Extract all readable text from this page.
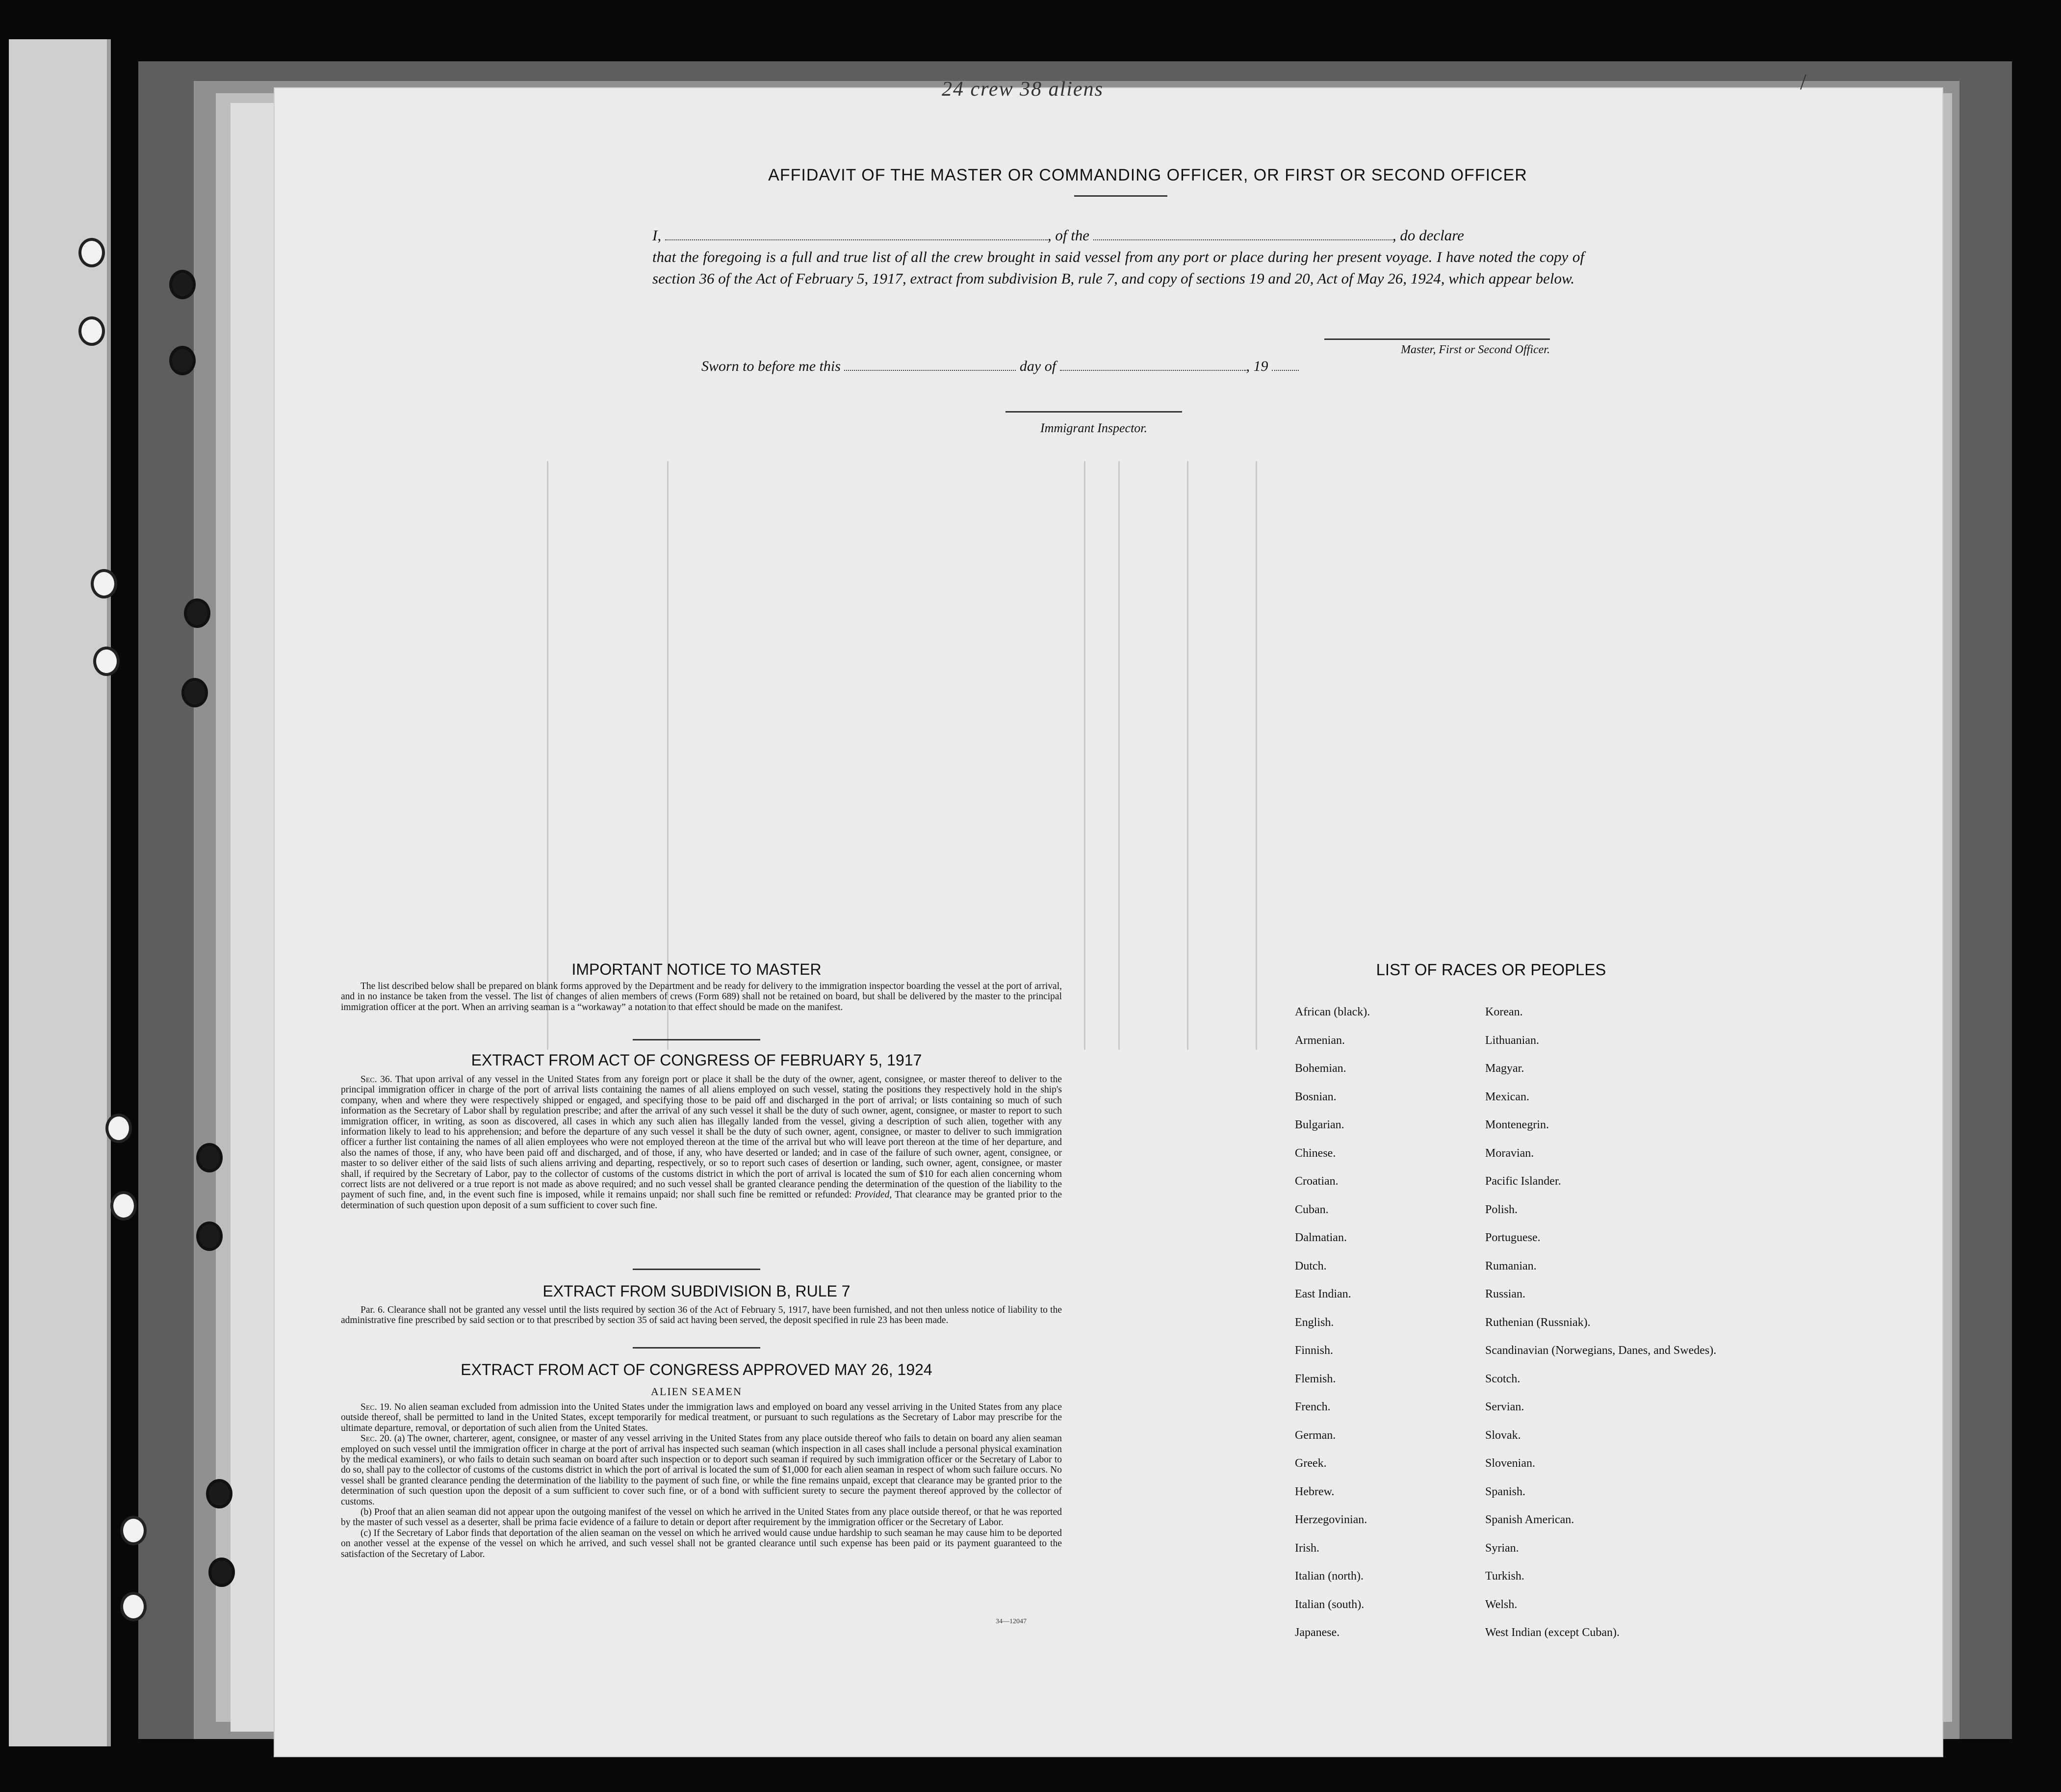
24 crew 38 aliens	/
AFFIDAVIT OF THE MASTER OR COMMANDING OFFICER, OR FIRST OR SECOND OFFICER
I,	, of the	, do declare
that the foregoing is a full and true list of all the crew brought in said vessel from any port or place during her present voyage. I have noted the copy of section 36 of the Act of February 5, 1917, extract from subdivision B, rule 7, and copy of sections 19 and 20, Act of May 26, 1924, which appear below.
Master, First or Second Officer.
Sworn to before me this	day of	, 19
Immigrant Inspector.
IMPORTANT NOTICE TO MASTER

The list described below shall be prepared on blank forms approved by the Department and be ready for delivery to the immigration inspector boarding the vessel at the port of arrival, and in no instance be taken from the vessel. The list of changes of alien members of crews (Form 689) shall not be retained on board, but shall be delivered by the master to the principal immigration officer at the port. When an arriving seaman is a “workaway” a notation to that effect should be made on the manifest.

EXTRACT FROM ACT OF CONGRESS OF FEBRUARY 5, 1917

Sec. 36. That upon arrival of any vessel in the United States from any foreign port or place it shall be the duty of the owner, agent, consignee, or master thereof to deliver to the principal immigration officer in charge of the port of arrival lists containing the names of all aliens employed on such vessel, stating the positions they respectively hold in the ship's company, when and where they were respectively shipped or engaged, and specifying those to be paid off and discharged in the port of arrival; or lists containing so much of such information as the Secretary of Labor shall by regulation prescribe; and after the arrival of any such vessel it shall be the duty of such owner, agent, consignee, or master to report to such immigration officer, in writing, as soon as discovered, all cases in which any such alien has illegally landed from the vessel, giving a description of such alien, together with any information likely to lead to his apprehension; and before the departure of any such vessel it shall be the duty of such owner, agent, consignee, or master to deliver to such immigration officer a further list containing the names of all alien employees who were not employed thereon at the time of the arrival but who will leave port thereon at the time of her departure, and also the names of those, if any, who have been paid off and discharged, and of those, if any, who have deserted or landed; and in case of the failure of such owner, agent, consignee, or master to so deliver either of the said lists of such aliens arriving and departing, respectively, or so to report such cases of desertion or landing, such owner, agent, consignee, or master shall, if required by the Secretary of Labor, pay to the collector of customs of the customs district in which the port of arrival is located the sum of $10 for each alien concerning whom correct lists are not delivered or a true report is not made as above required; and no such vessel shall be granted clearance pending the determination of the question of the liability to the payment of such fine, and, in the event such fine is imposed, while it remains unpaid; nor shall such fine be remitted or refunded: Provided, That clearance may be granted prior to the determination of such question upon deposit of a sum sufficient to cover such fine.

EXTRACT FROM SUBDIVISION B, RULE 7

Par. 6. Clearance shall not be granted any vessel until the lists required by section 36 of the Act of February 5, 1917, have been furnished, and not then unless notice of liability to the administrative fine prescribed by said section or to that prescribed by section 35 of said act having been served, the deposit specified in rule 23 has been made.

EXTRACT FROM ACT OF CONGRESS APPROVED MAY 26, 1924
ALIEN SEAMEN

Sec. 19. No alien seaman excluded from admission into the United States under the immigration laws and employed on board any vessel arriving in the United States from any place outside thereof, shall be permitted to land in the United States, except temporarily for medical treatment, or pursuant to such regulations as the Secretary of Labor may prescribe for the ultimate departure, removal, or deportation of such alien from the United States.

Sec. 20. (a) The owner, charterer, agent, consignee, or master of any vessel arriving in the United States from any place outside thereof who fails to detain on board any alien seaman employed on such vessel until the immigration officer in charge at the port of arrival has inspected such seaman (which inspection in all cases shall include a personal physical examination by the medical examiners), or who fails to detain such seaman on board after such inspection or to deport such seaman if required by such immigration officer or the Secretary of Labor to do so, shall pay to the collector of customs of the customs district in which the port of arrival is located the sum of $1,000 for each alien seaman in respect of whom such failure occurs. No vessel shall be granted clearance pending the determination of the liability to the payment of such fine, or while the fine remains unpaid, except that clearance may be granted prior to the determination of such question upon the deposit of a sum sufficient to cover such fine, or of a bond with sufficient surety to secure the payment thereof approved by the collector of customs.

(b) Proof that an alien seaman did not appear upon the outgoing manifest of the vessel on which he arrived in the United States from any place outside thereof, or that he was reported by the master of such vessel as a deserter, shall be prima facie evidence of a failure to detain or deport after requirement by the immigration officer or the Secretary of Labor.

(c) If the Secretary of Labor finds that deportation of the alien seaman on the vessel on which he arrived would cause undue hardship to such seaman he may cause him to be deported on another vessel at the expense of the vessel on which he arrived, and such vessel shall not be granted clearance until such expense has been paid or its payment guaranteed to the satisfaction of the Secretary of Labor.

34—12047
LIST OF RACES OR PEOPLES
African (black).
Armenian.
Bohemian.
Bosnian.
Bulgarian.
Chinese.
Croatian.
Cuban.
Dalmatian.
Dutch.
East Indian.
English.
Finnish.
Flemish.
French.
German.
Greek.
Hebrew.
Herzegovinian.
Irish.
Italian (north).
Italian (south).
Japanese.
Korean.
Lithuanian.
Magyar.
Mexican.
Montenegrin.
Moravian.
Pacific Islander.
Polish.
Portuguese.
Rumanian.
Russian.
Ruthenian (Russniak).
Scandinavian (Norwegians, Danes, and Swedes).
Scotch.
Servian.
Slovak.
Slovenian.
Spanish.
Spanish American.
Syrian.
Turkish.
Welsh.
West Indian (except Cuban).
